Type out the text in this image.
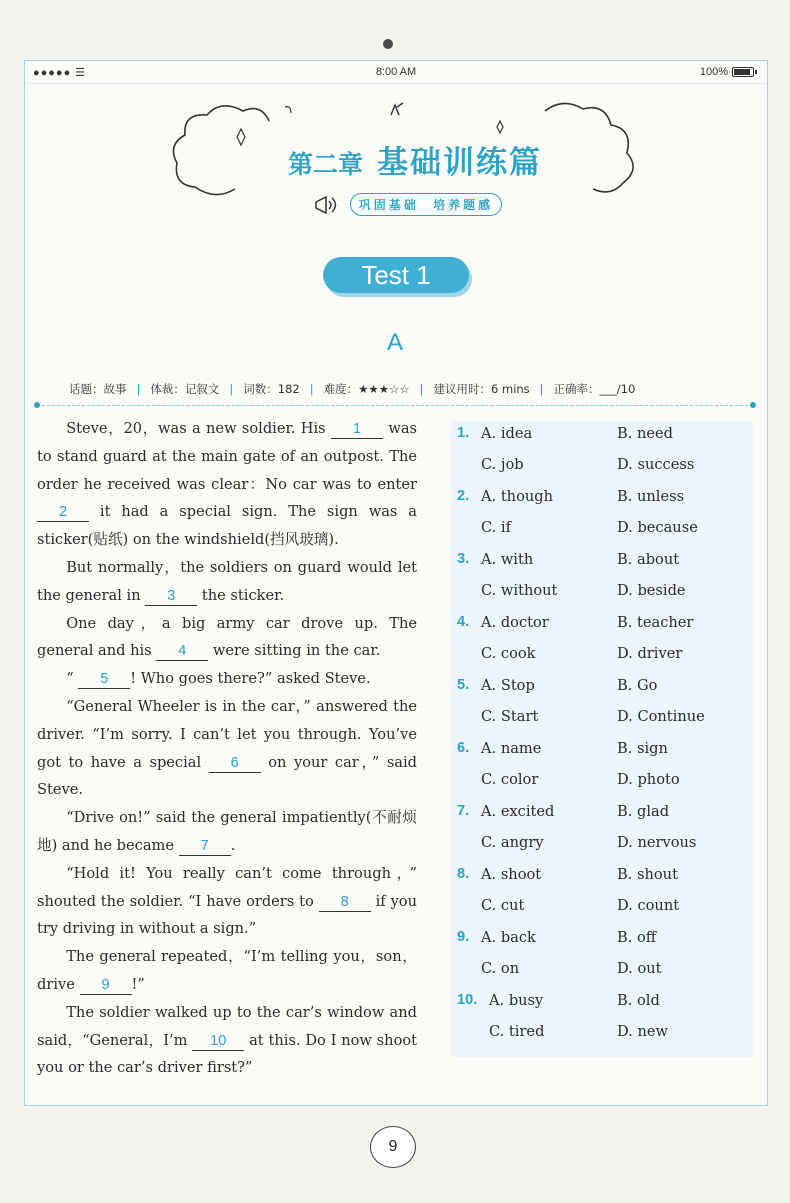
●●●●● ☰	8:00 AM	100%
第二章 基础训练篇
巩固基础 培养题感
Test 1
A
话题：故事 | 体裁：记叙文 | 词数：182 | 难度：★★★☆☆ | 建议用时：6 mins | 正确率：___/10

Steve，20，was a new soldier. His 1 was to stand guard at the main gate of an outpost. The order he received was clear：No car was to enter 2 it had a special sign. The sign was a sticker(贴纸) on the windshield(挡风玻璃).

But normally，the soldiers on guard would let the general in 3 the sticker.

One day，a big army car drove up. The general and his 4 were sitting in the car.

“ 5 ! Who goes there?” asked Steve.

“General Wheeler is in the car，” answered the driver. “I’m sorry. I can’t let you through. You’ve got to have a special 6 on your car，” said Steve.

“Drive on!” said the general impatiently(不耐烦地) and he became 7 .

“Hold it! You really can’t come through，” shouted the soldier. “I have orders to 8 if you try driving in without a sign.”

The general repeated，“I’m telling you，son， drive 9 !”

The soldier walked up to the car’s window and said，“General，I’m 10 at this. Do I now shoot you or the car’s driver first?”

1. A. idea	B. need
C. job	D. success
2. A. though	B. unless
C. if	D. because
3. A. with	B. about
C. without	D. beside
4. A. doctor	B. teacher
C. cook	D. driver
5. A. Stop	B. Go
C. Start	D. Continue
6. A. name	B. sign
C. color	D. photo
7. A. excited	B. glad
C. angry	D. nervous
8. A. shoot	B. shout
C. cut	D. count
9. A. back	B. off
C. on	D. out
10. A. busy	B. old
C. tired	D. new
9
